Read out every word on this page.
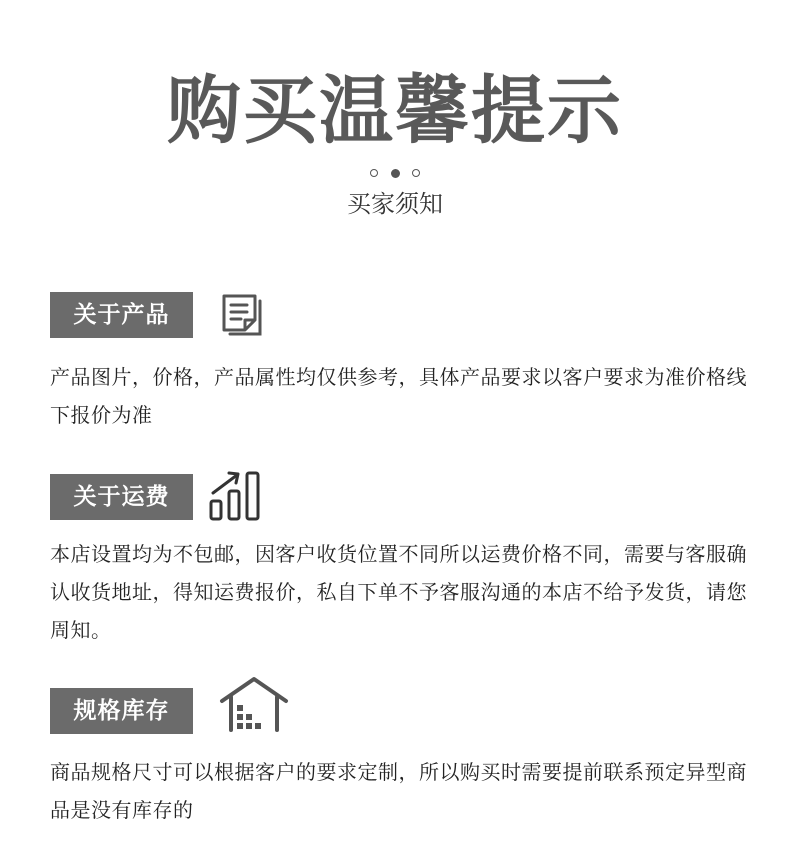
购买温馨提示
买家须知
关于产品
产品图片，价格，产品属性均仅供参考，具体产品要求以客户要求为准价格线下报价为准
关于运费
本店设置均为不包邮，因客户收货位置不同所以运费价格不同，需要与客服确认收货地址，得知运费报价，私自下单不予客服沟通的本店不给予发货，请您周知。
规格库存
商品规格尺寸可以根据客户的要求定制，所以购买时需要提前联系预定异型商品是没有库存的
